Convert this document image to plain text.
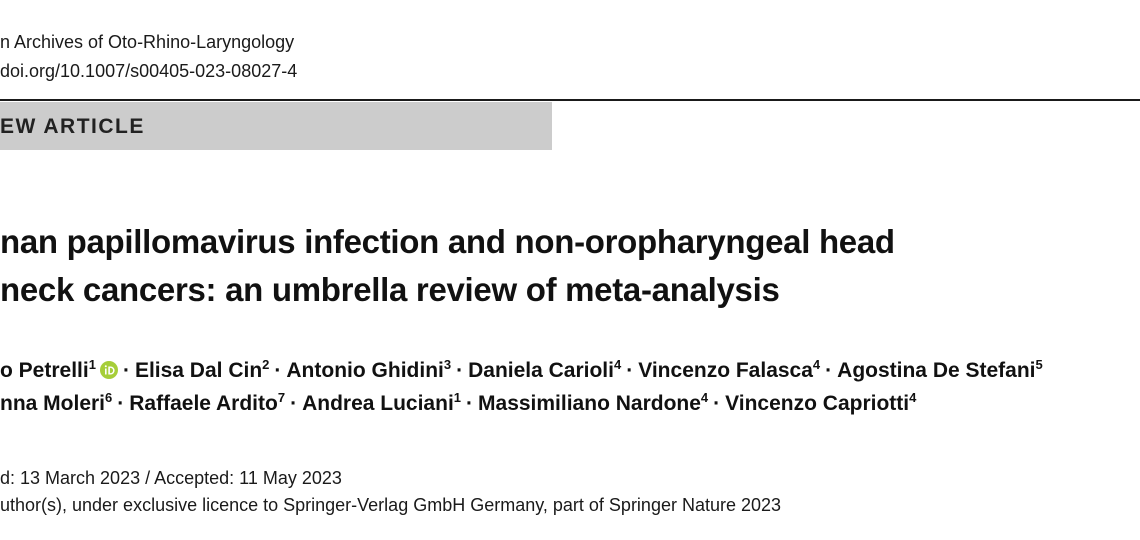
n Archives of Oto-Rhino-Laryngology
doi.org/10.1007/s00405-023-08027-4
EW ARTICLE
nan papillomavirus infection and non-oropharyngeal head
neck cancers: an umbrella review of meta-analysis
o Petrelli$^1$ · Elisa Dal Cin$^2$ · Antonio Ghidini$^3$ · Daniela Carioli$^4$ · Vincenzo Falasca$^4$ · Agostina De Stefani$^5$
nna Moleri$^6$ · Raffaele Ardito$^7$ · Andrea Luciani$^1$ · Massimiliano Nardone$^4$ · Vincenzo Capriotti$^4$
d: 13 March 2023 / Accepted: 11 May 2023
uthor(s), under exclusive licence to Springer-Verlag GmbH Germany, part of Springer Nature 2023
